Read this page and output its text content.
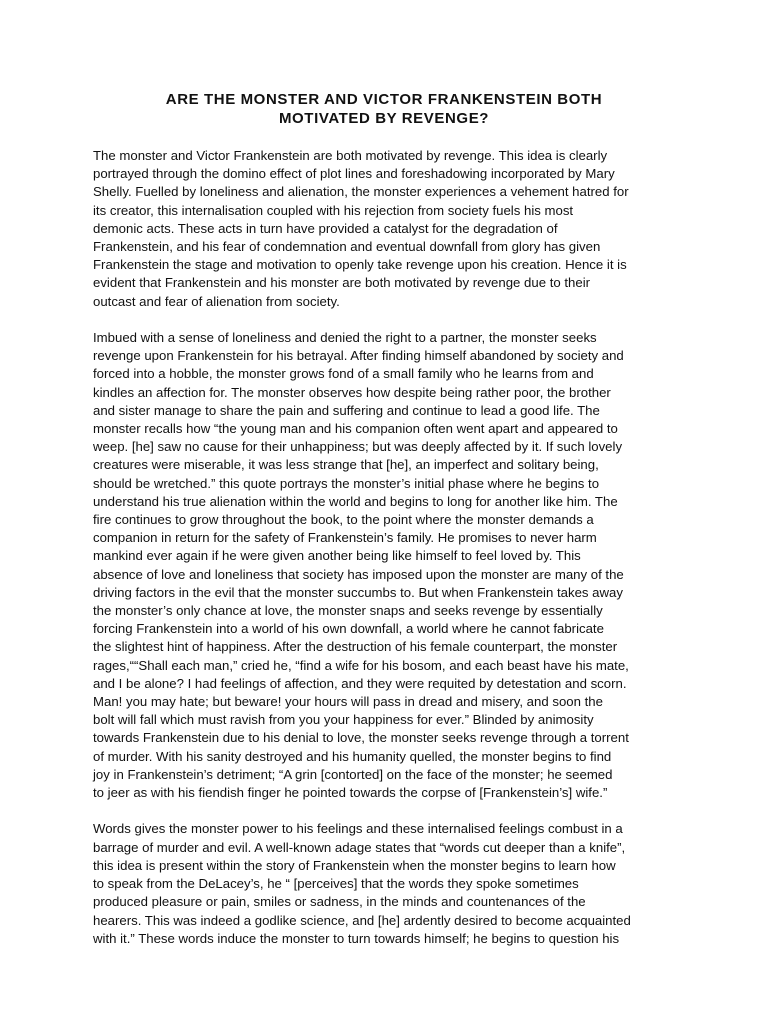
ARE THE MONSTER AND VICTOR FRANKENSTEIN BOTH
MOTIVATED BY REVENGE?
The monster and Victor Frankenstein are both motivated by revenge. This idea is clearly
portrayed through the domino effect of plot lines and foreshadowing incorporated by Mary
Shelly. Fuelled by loneliness and alienation, the monster experiences a vehement hatred for
its creator, this internalisation coupled with his rejection from society fuels his most
demonic acts. These acts in turn have provided a catalyst for the degradation of
Frankenstein, and his fear of condemnation and eventual downfall from glory has given
Frankenstein the stage and motivation to openly take revenge upon his creation. Hence it is
evident that Frankenstein and his monster are both motivated by revenge due to their
outcast and fear of alienation from society.
Imbued with a sense of loneliness and denied the right to a partner, the monster seeks
revenge upon Frankenstein for his betrayal. After finding himself abandoned by society and
forced into a hobble, the monster grows fond of a small family who he learns from and
kindles an affection for. The monster observes how despite being rather poor, the brother
and sister manage to share the pain and suffering and continue to lead a good life. The
monster recalls how “the young man and his companion often went apart and appeared to
weep. [he] saw no cause for their unhappiness; but was deeply affected by it. If such lovely
creatures were miserable, it was less strange that [he], an imperfect and solitary being,
should be wretched.” this quote portrays the monster’s initial phase where he begins to
understand his true alienation within the world and begins to long for another like him. The
fire continues to grow throughout the book, to the point where the monster demands a
companion in return for the safety of Frankenstein’s family. He promises to never harm
mankind ever again if he were given another being like himself to feel loved by. This
absence of love and loneliness that society has imposed upon the monster are many of the
driving factors in the evil that the monster succumbs to. But when Frankenstein takes away
the monster’s only chance at love, the monster snaps and seeks revenge by essentially
forcing Frankenstein into a world of his own downfall, a world where he cannot fabricate
the slightest hint of happiness. After the destruction of his female counterpart, the monster
rages,““Shall each man,” cried he, “find a wife for his bosom, and each beast have his mate,
and I be alone? I had feelings of affection, and they were requited by detestation and scorn.
Man! you may hate; but beware! your hours will pass in dread and misery, and soon the
bolt will fall which must ravish from you your happiness for ever.” Blinded by animosity
towards Frankenstein due to his denial to love, the monster seeks revenge through a torrent
of murder. With his sanity destroyed and his humanity quelled, the monster begins to find
joy in Frankenstein’s detriment; “A grin [contorted] on the face of the monster; he seemed
to jeer as with his fiendish finger he pointed towards the corpse of [Frankenstein’s] wife.”
Words gives the monster power to his feelings and these internalised feelings combust in a
barrage of murder and evil. A well-known adage states that “words cut deeper than a knife”,
this idea is present within the story of Frankenstein when the monster begins to learn how
to speak from the DeLacey’s, he “ [perceives] that the words they spoke sometimes
produced pleasure or pain, smiles or sadness, in the minds and countenances of the
hearers. This was indeed a godlike science, and [he] ardently desired to become acquainted
with it.” These words induce the monster to turn towards himself; he begins to question his
